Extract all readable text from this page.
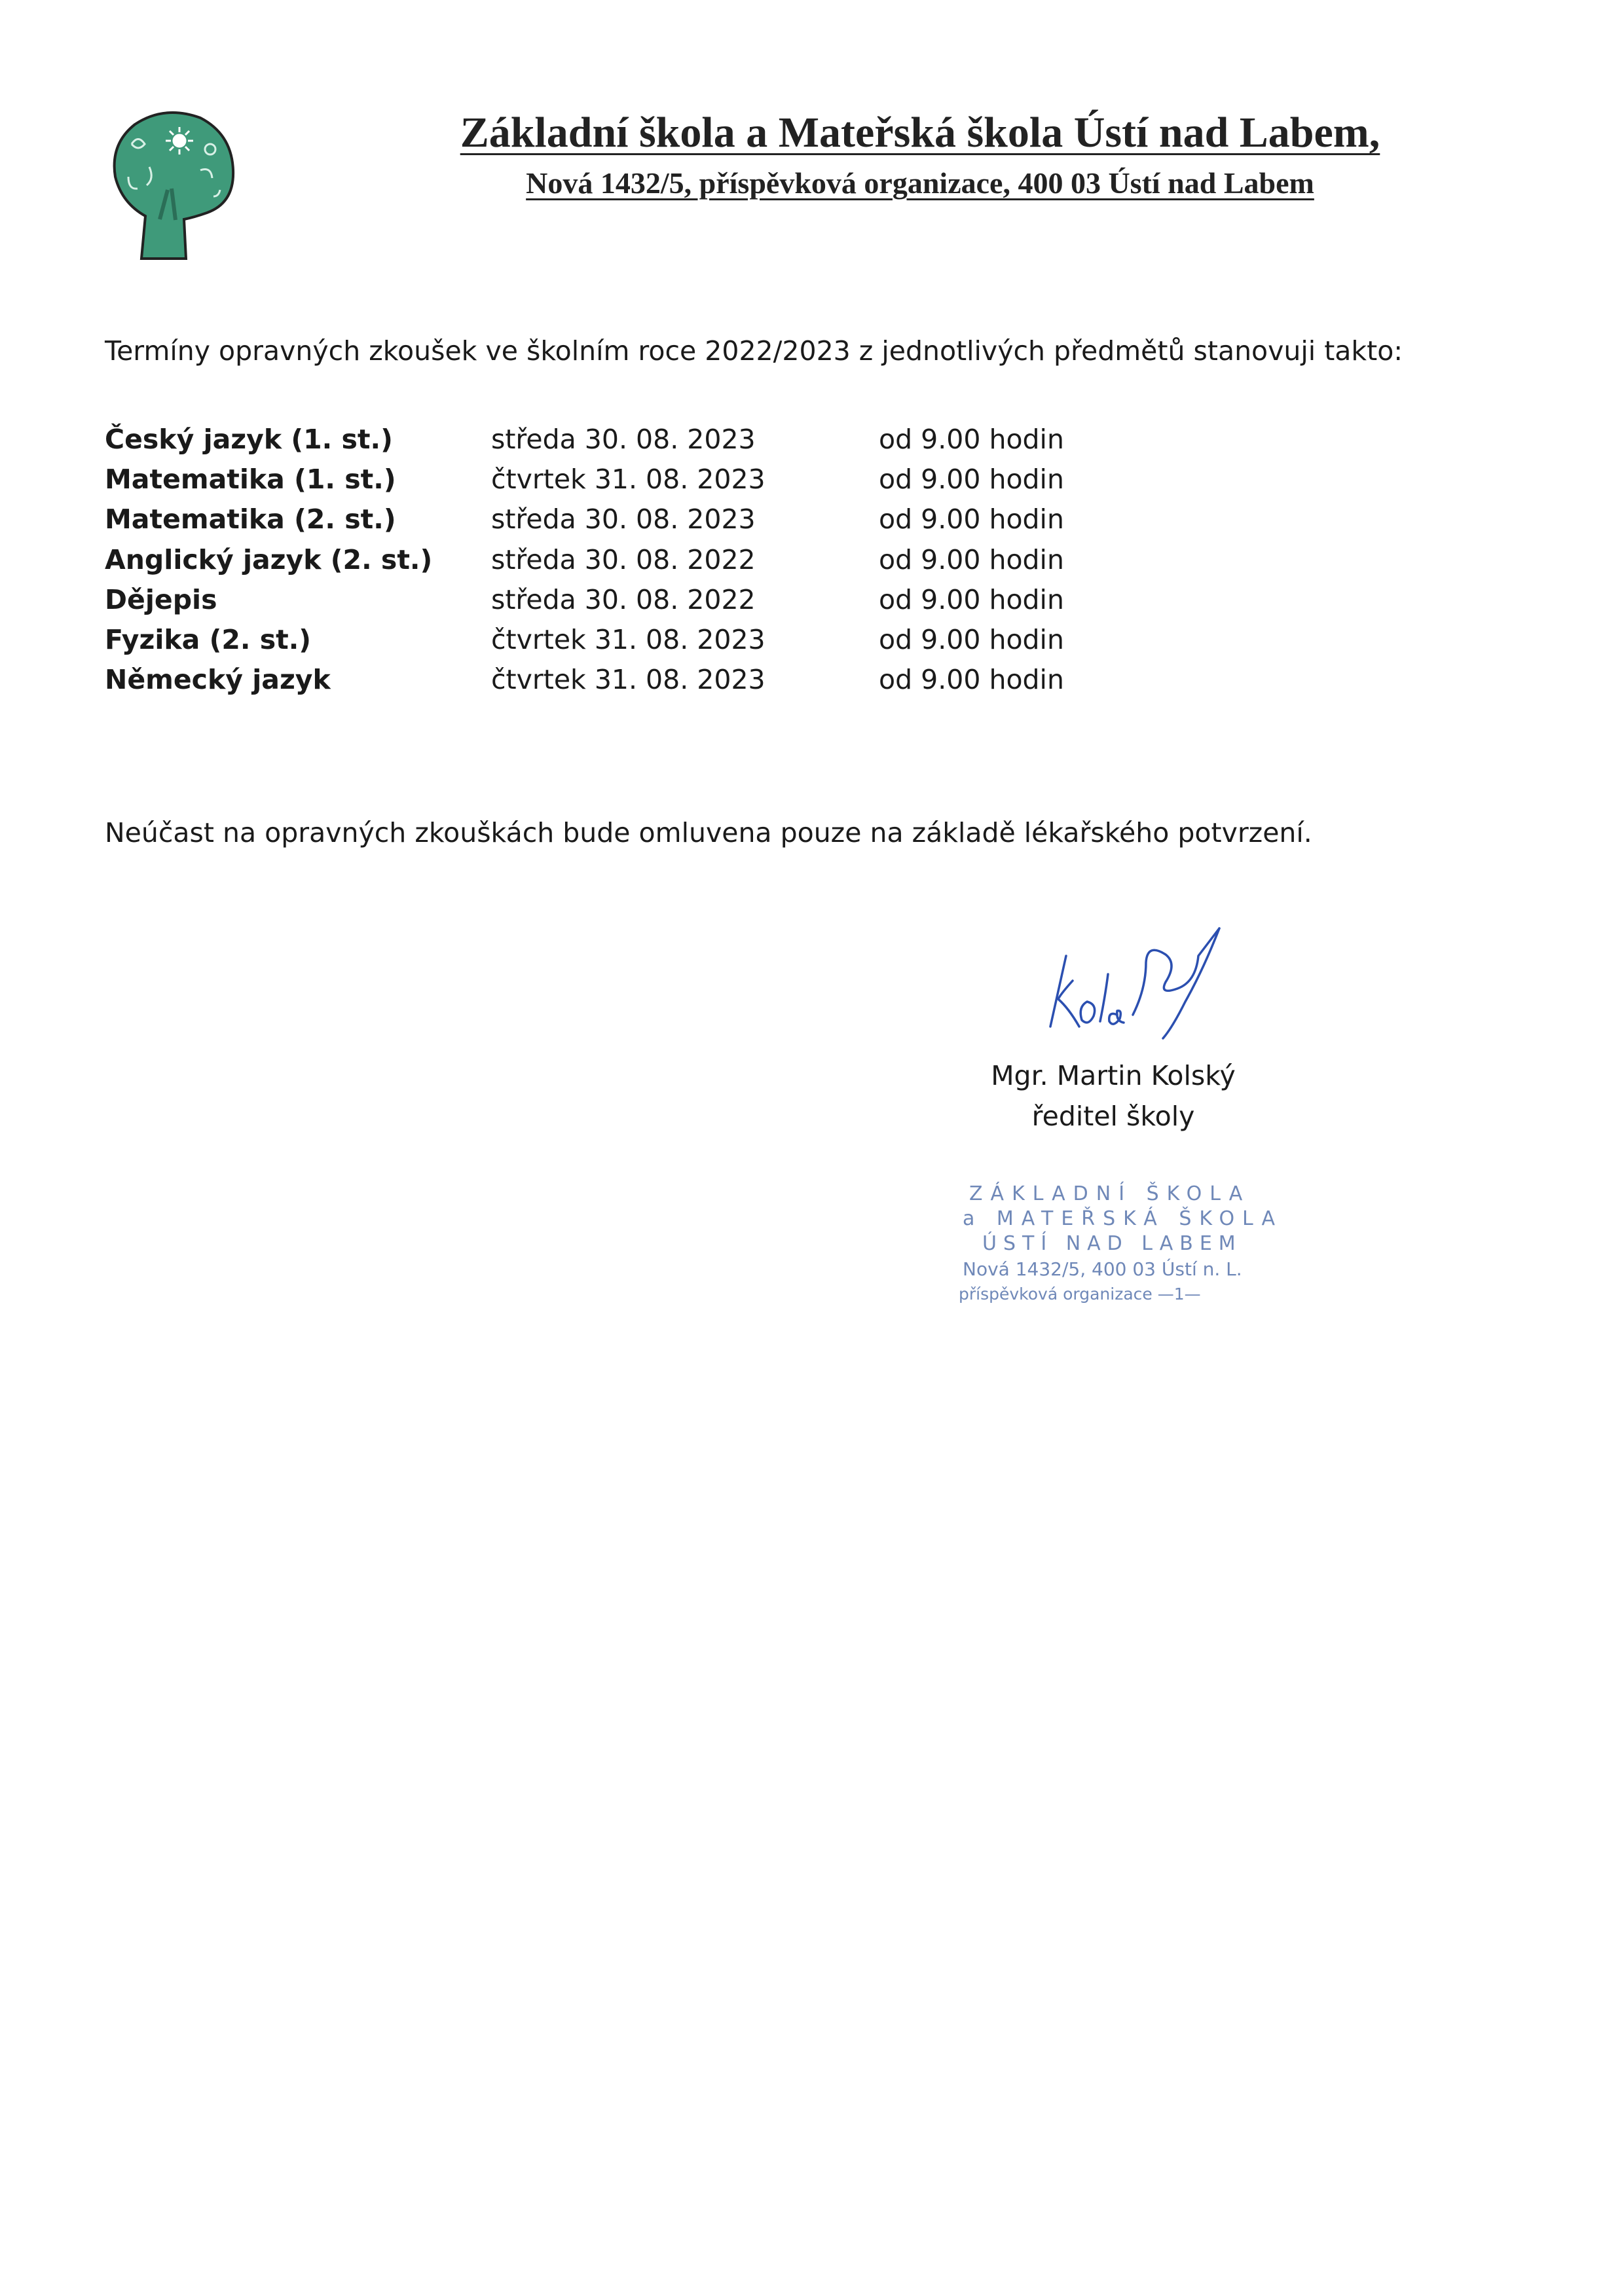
Základní škola a Mateřská škola Ústí nad Labem,
Nová 1432/5, příspěvková organizace, 400 03 Ústí nad Labem
Termíny opravných zkoušek ve školním roce 2022/2023 z jednotlivých předmětů stanovuji takto:
Český jazyk (1. st.)	středa 30. 08. 2023	od 9.00 hodin
Matematika (1. st.)	čtvrtek 31. 08. 2023	od 9.00 hodin
Matematika (2. st.)	středa 30. 08. 2023	od 9.00 hodin
Anglický jazyk (2. st.)	středa 30. 08. 2022	od 9.00 hodin
Dějepis	středa 30. 08. 2022	od 9.00 hodin
Fyzika (2. st.)	čtvrtek 31. 08. 2023	od 9.00 hodin
Německý jazyk	čtvrtek 31. 08. 2023	od 9.00 hodin
Neúčast na opravných zkouškách bude omluvena pouze na základě lékařského potvrzení.
Mgr. Martin Kolský
ředitel školy
ZÁKLADNÍ ŠKOLA
a MATEŘSKÁ ŠKOLA
ÚSTÍ NAD LABEM
Nová 1432/5, 400 03 Ústí n. L.
příspěvková organizace —1—
